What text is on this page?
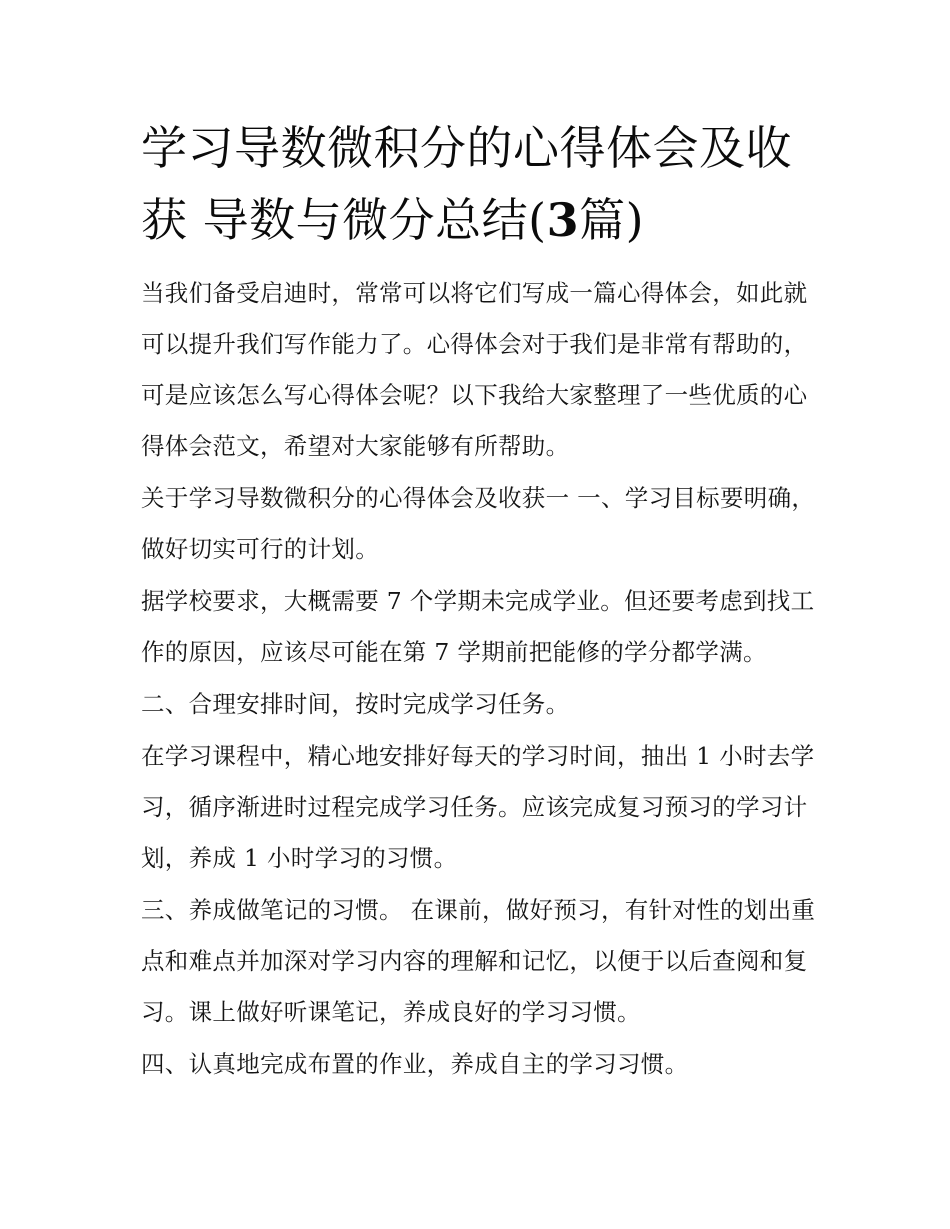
学习导数微积分的心得体会及收获 导数与微分总结(3篇)

当我们备受启迪时，常常可以将它们写成一篇心得体会，如此就可以提升我们写作能力了。心得体会对于我们是非常有帮助的，可是应该怎么写心得体会呢？以下我给大家整理了一些优质的心得体会范文，希望对大家能够有所帮助。

关于学习导数微积分的心得体会及收获一 一、学习目标要明确，做好切实可行的计划。

据学校要求，大概需要 7 个学期未完成学业。但还要考虑到找工作的原因，应该尽可能在第 7 学期前把能修的学分都学满。

二、合理安排时间，按时完成学习任务。

在学习课程中，精心地安排好每天的学习时间，抽出 1 小时去学习，循序渐进时过程完成学习任务。应该完成复习预习的学习计划，养成 1 小时学习的习惯。

三、养成做笔记的习惯。 在课前，做好预习，有针对性的划出重点和难点并加深对学习内容的理解和记忆，以便于以后查阅和复习。课上做好听课笔记，养成良好的学习习惯。

四、认真地完成布置的作业，养成自主的学习习惯。
